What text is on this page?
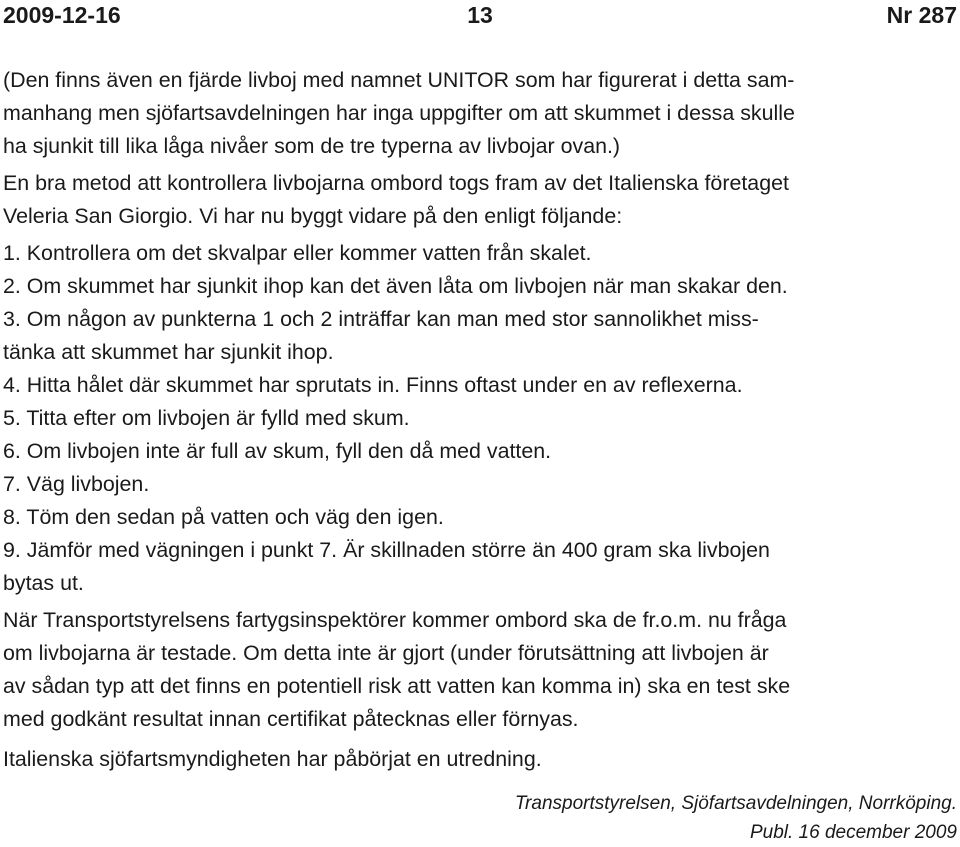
2009-12-16	13	Nr 287

(Den finns även en fjärde livboj med namnet UNITOR som har figurerat i detta sam-

manhang men sjöfartsavdelningen har inga uppgifter om att skummet i dessa skulle

ha sjunkit till lika låga nivåer som de tre typerna av livbojar ovan.)

En bra metod att kontrollera livbojarna ombord togs fram av det Italienska företaget

Veleria San Giorgio. Vi har nu byggt vidare på den enligt följande:

1. Kontrollera om det skvalpar eller kommer vatten från skalet.

2. Om skummet har sjunkit ihop kan det även låta om livbojen när man skakar den.

3. Om någon av punkterna 1 och 2 inträffar kan man med stor sannolikhet miss-

tänka att skummet har sjunkit ihop.

4. Hitta hålet där skummet har sprutats in. Finns oftast under en av reflexerna.

5. Titta efter om livbojen är fylld med skum.

6. Om livbojen inte är full av skum, fyll den då med vatten.

7. Väg livbojen.

8. Töm den sedan på vatten och väg den igen.

9. Jämför med vägningen i punkt 7. Är skillnaden större än 400 gram ska livbojen

bytas ut.

När Transportstyrelsens fartygsinspektörer kommer ombord ska de fr.o.m. nu fråga

om livbojarna är testade. Om detta inte är gjort (under förutsättning att livbojen är

av sådan typ att det finns en potentiell risk att vatten kan komma in) ska en test ske

med godkänt resultat innan certifikat påtecknas eller förnyas.

Italienska sjöfartsmyndigheten har påbörjat en utredning.

Transportstyrelsen, Sjöfartsavdelningen, Norrköping.
Publ. 16 december 2009
